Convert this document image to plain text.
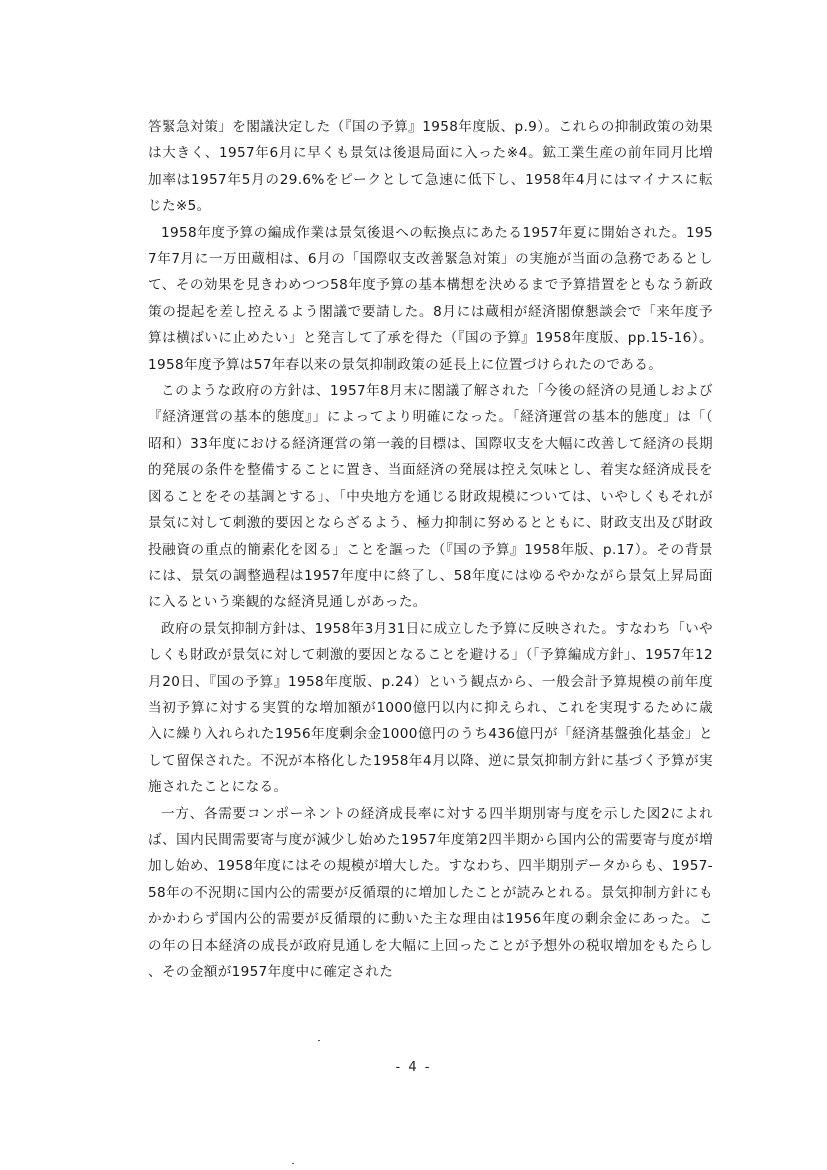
答緊急対策」を閣議決定した（『国の予算』1958年度版、p.9）。これらの抑制政策の効果は大きく、1957年6月に早くも景気は後退局面に入った※4。鉱工業生産の前年同月比増加率は1957年5月の29.6%をピークとして急速に低下し、1958年4月にはマイナスに転じた※5。

1958年度予算の編成作業は景気後退への転換点にあたる1957年夏に開始された。1957年7月に一万田蔵相は、6月の「国際収支改善緊急対策」の実施が当面の急務であるとして、その効果を見きわめつつ58年度予算の基本構想を決めるまで予算措置をともなう新政策の提起を差し控えるよう閣議で要請した。8月には蔵相が経済閣僚懇談会で「来年度予算は横ばいに止めたい」と発言して了承を得た（『国の予算』1958年度版、pp.15-16）。1958年度予算は57年春以来の景気抑制政策の延長上に位置づけられたのである。

このような政府の方針は、1957年8月末に閣議了解された「今後の経済の見通しおよび『経済運営の基本的態度』」によってより明確になった。「経済運営の基本的態度」は「（昭和）33年度における経済運営の第一義的目標は、国際収支を大幅に改善して経済の長期的発展の条件を整備することに置き、当面経済の発展は控え気味とし、着実な経済成長を図ることをその基調とする」、「中央地方を通じる財政規模については、いやしくもそれが景気に対して刺激的要因とならざるよう、極力抑制に努めるとともに、財政支出及び財政投融資の重点的簡素化を図る」ことを謳った（『国の予算』1958年版、p.17）。その背景には、景気の調整過程は1957年度中に終了し、58年度にはゆるやかながら景気上昇局面に入るという楽観的な経済見通しがあった。

政府の景気抑制方針は、1958年3月31日に成立した予算に反映された。すなわち「いやしくも財政が景気に対して刺激的要因となることを避ける」（「予算編成方針」、1957年12月20日、『国の予算』1958年度版、p.24）という観点から、一般会計予算規模の前年度当初予算に対する実質的な増加額が1000億円以内に抑えられ、これを実現するために歳入に繰り入れられた1956年度剰余金1000億円のうち436億円が「経済基盤強化基金」として留保された。不況が本格化した1958年4月以降、逆に景気抑制方針に基づく予算が実施されたことになる。

一方、各需要コンポーネントの経済成長率に対する四半期別寄与度を示した図2によれば、国内民間需要寄与度が減少し始めた1957年度第2四半期から国内公的需要寄与度が増加し始め、1958年度にはその規模が増大した。すなわち、四半期別データからも、1957-58年の不況期に国内公的需要が反循環的に増加したことが読みとれる。景気抑制方針にもかかわらず国内公的需要が反循環的に動いた主な理由は1956年度の剰余金にあった。この年の日本経済の成長が政府見通しを大幅に上回ったことが予想外の税収増加をもたらし、その金額が1957年度中に確定された

- 4 -
